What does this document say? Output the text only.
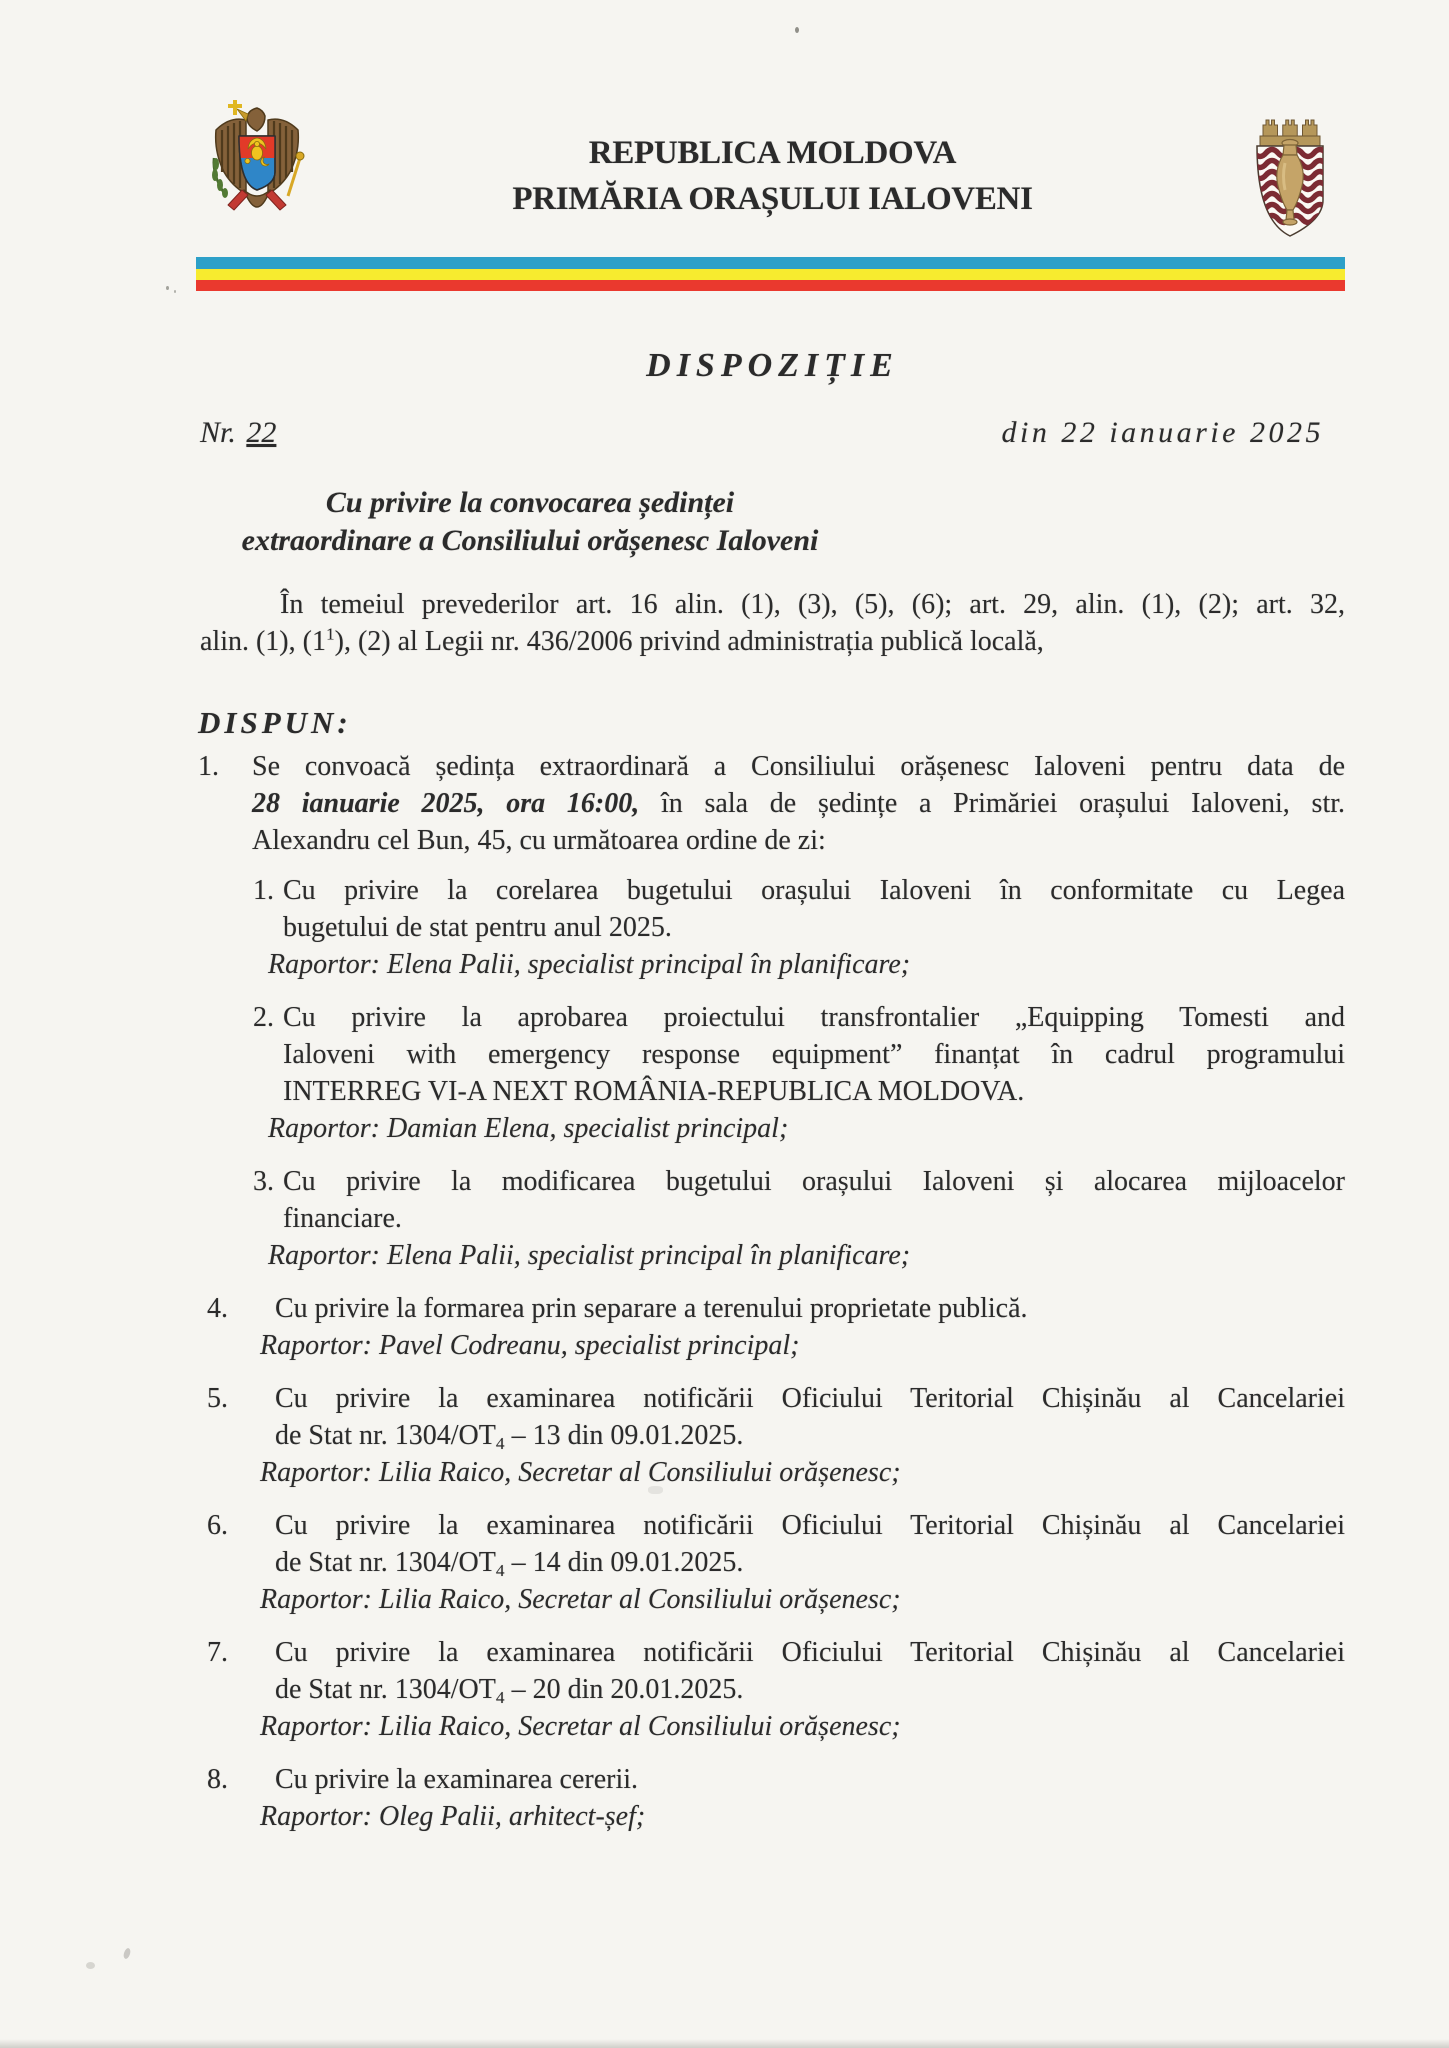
REPUBLICA MOLDOVA
PRIMĂRIA ORAȘULUI IALOVENI
DISPOZIȚIE
Nr. 22	din 22 ianuarie 2025
Cu privire la convocarea ședinței
extraordinare a Consiliului orășenesc Ialoveni
În temeiul prevederilor art. 16 alin. (1), (3), (5), (6); art. 29, alin. (1), (2); art. 32,
alin. (1), $(1^1)$, (2) al Legii nr. 436/2006 privind administrația publică locală,
DISPUN:
1.	Se convoacă ședința extraordinară a Consiliului orășenesc Ialoveni pentru data de
28 ianuarie 2025, ora 16:00, în sala de ședințe a Primăriei orașului Ialoveni, str.
Alexandru cel Bun, 45, cu următoarea ordine de zi:
1. Cu privire la corelarea bugetului orașului Ialoveni în conformitate cu Legea
bugetului de stat pentru anul 2025.
Raportor: Elena Palii, specialist principal în planificare;
2. Cu privire la aprobarea proiectului transfrontalier „Equipping Tomesti and
Ialoveni with emergency response equipment” finanțat în cadrul programului
INTERREG VI-A NEXT ROMÂNIA-REPUBLICA MOLDOVA.
Raportor: Damian Elena, specialist principal;
3. Cu privire la modificarea bugetului orașului Ialoveni și alocarea mijloacelor
financiare.
Raportor: Elena Palii, specialist principal în planificare;
4.	Cu privire la formarea prin separare a terenului proprietate publică.
Raportor: Pavel Codreanu, specialist principal;
5.	Cu privire la examinarea notificării Oficiului Teritorial Chișinău al Cancelariei
de Stat nr. $1304/OT_4 - 13$ din 09.01.2025.
Raportor: Lilia Raico, Secretar al Consiliului orășenesc;
6.	Cu privire la examinarea notificării Oficiului Teritorial Chișinău al Cancelariei
de Stat nr. $1304/OT_4 - 14$ din 09.01.2025.
Raportor: Lilia Raico, Secretar al Consiliului orășenesc;
7.	Cu privire la examinarea notificării Oficiului Teritorial Chișinău al Cancelariei
de Stat nr. $1304/OT_4 - 20$ din 20.01.2025.
Raportor: Lilia Raico, Secretar al Consiliului orășenesc;
8.	Cu privire la examinarea cererii.
Raportor: Oleg Palii, arhitect-șef;
